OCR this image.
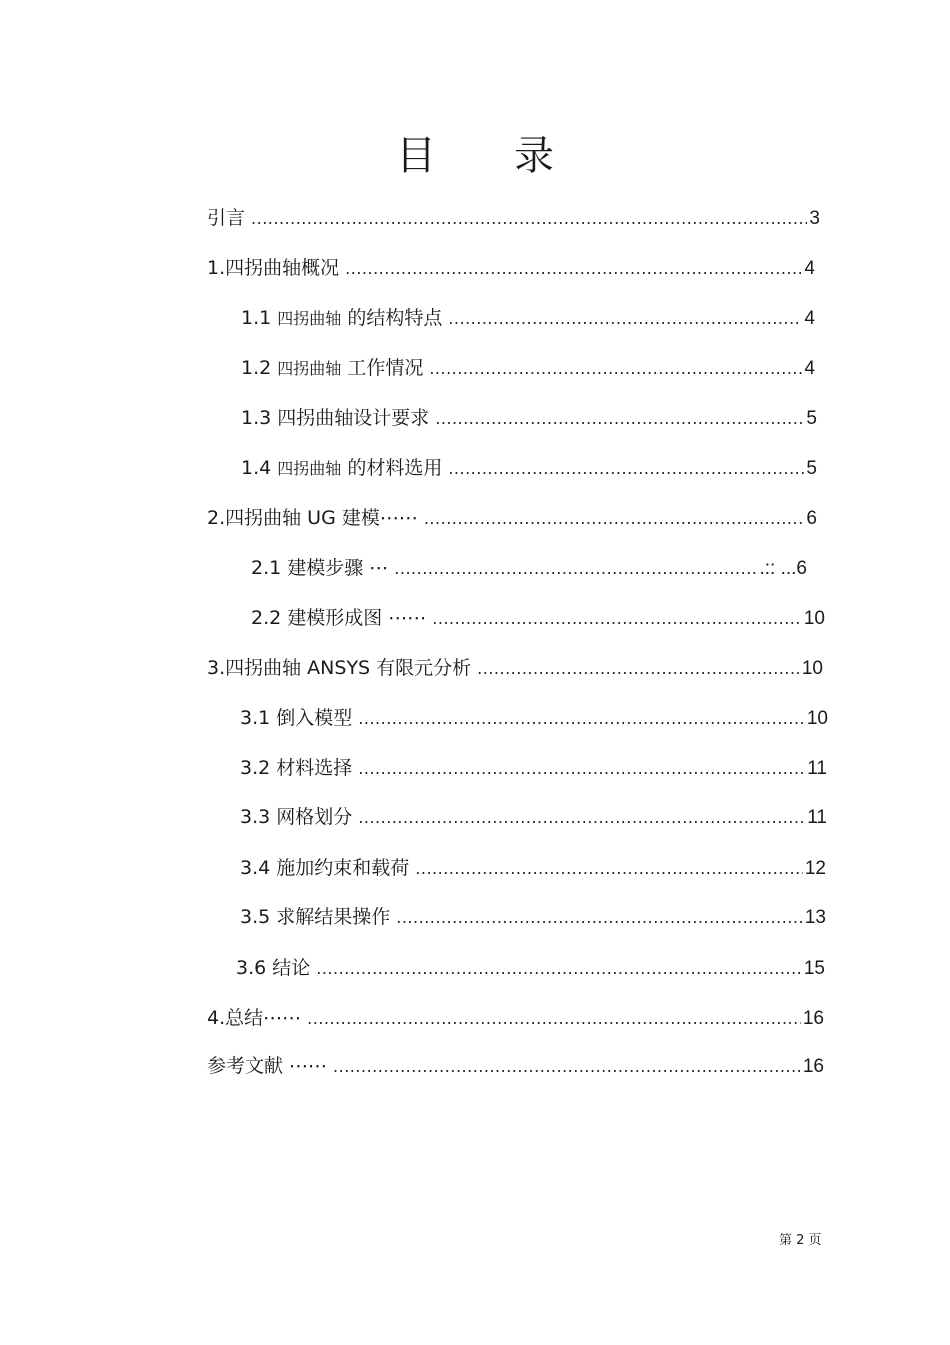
目 录
引言 .....	3
1.四拐曲轴概况 .....	4
1.1 四拐曲轴 的结构特点 .....	4
1.2 四拐曲轴 工作情况 .....	4
1.3 四拐曲轴设计要求 .....	5
1.4 四拐曲轴 的材料选用 .....	5
2.四拐曲轴 UG 建模⋯⋯ .....	6
2.1 建模步骤 ⋯ .....	.:: ...6
2.2 建模形成图 ⋯⋯ .....	10
3.四拐曲轴 ANSYS 有限元分析 .....	10
3.1 倒入模型 .....	10
3.2 材料选择 .....	11
3.3 网格划分 .....	11
3.4 施加约束和载荷 .....	12
3.5 求解结果操作 .....	13
3.6 结论 .....	15
4.总结⋯⋯ .....	16
参考文献 ⋯⋯ .....	16
第 2 页
